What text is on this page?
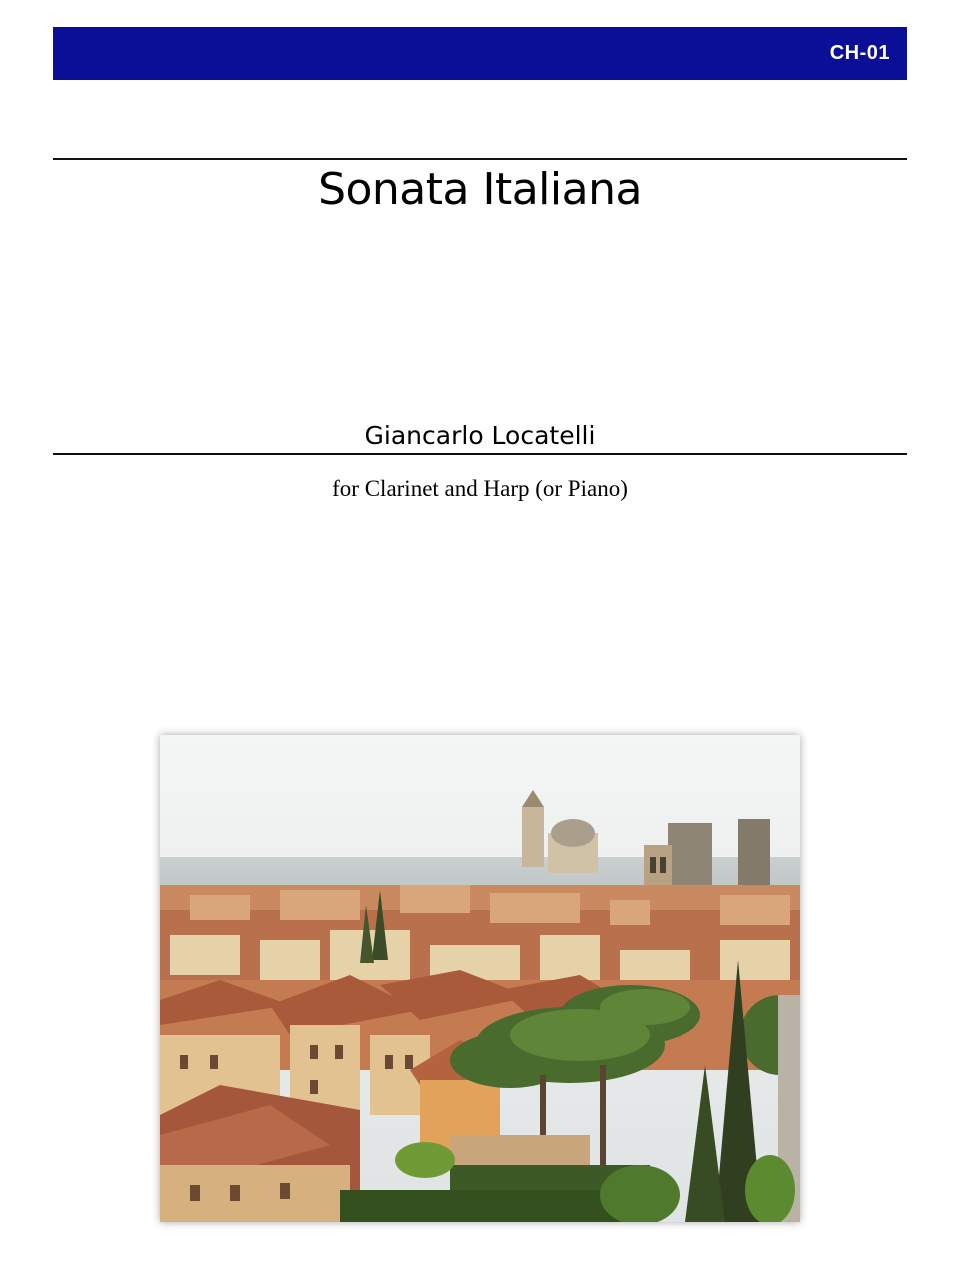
CH-01
Sonata Italiana
Giancarlo Locatelli
for Clarinet and Harp (or Piano)
